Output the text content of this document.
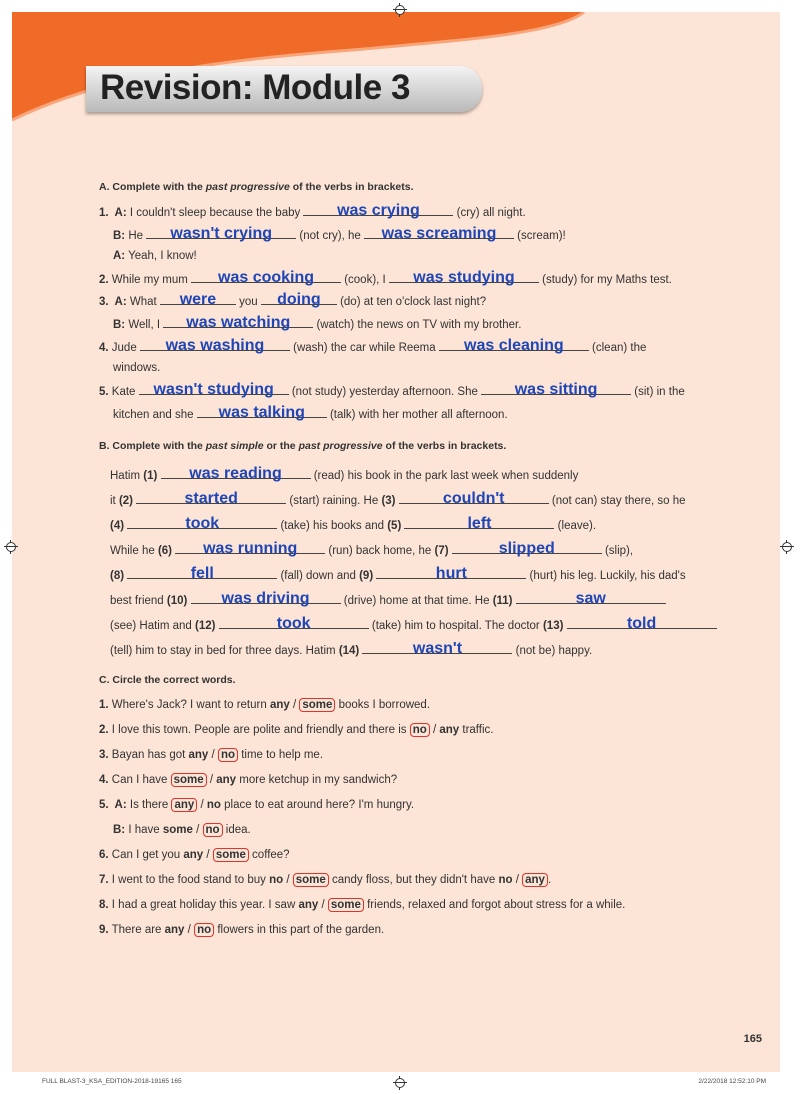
Revision: Module 3
A. Complete with the past progressive of the verbs in brackets.
1.  A: I couldn't sleep because the baby	was crying	(cry) all night.
B: He	wasn't crying	(not cry), he	was screaming	(scream)!
A: Yeah, I know!
2. While my mum	was cooking	(cook), I	was studying	(study) for my Maths test.
3.  A: What	were	you	doing	(do) at ten o'clock last night?
B: Well, I	was watching	(watch) the news on TV with my brother.
4. Jude	was washing	(wash) the car while Reema	was cleaning	(clean) the
windows.
5. Kate wasn't studying	(not study) yesterday afternoon. She	was sitting	(sit) in the
kitchen and she	was talking	(talk) with her mother all afternoon.
B. Complete with the past simple or the past progressive of the verbs in brackets.
Hatim (1)	was reading	(read) his book in the park last week when suddenly
it (2)	started	(start) raining. He (3)	couldn't	(not can) stay there, so he
(4)	took	(take) his books and (5)	left	(leave).
While he (6)	was running	(run) back home, he (7)	slipped	(slip),
(8)	fell	(fall) down and (9)	hurt	(hurt) his leg. Luckily, his dad's
best friend (10)	was driving	(drive) home at that time. He (11)	saw
(see) Hatim and (12)	took	(take) him to hospital. The doctor (13)	told
(tell) him to stay in bed for three days. Hatim (14)	wasn't	(not be) happy.
C. Circle the correct words.
1. Where's Jack? I want to return any / some books I borrowed.
2. I love this town. People are polite and friendly and there is no / any traffic.
3. Bayan has got any / no time to help me.
4. Can I have some / any more ketchup in my sandwich?
5.  A: Is there any / no place to eat around here? I'm hungry.
B: I have some / no idea.
6. Can I get you any / some coffee?
7. I went to the food stand to buy no / some candy floss, but they didn't have no / any .
8. I had a great holiday this year. I saw any / some friends, relaxed and forgot about stress for a while.
9. There are any / no flowers in this part of the garden.
165
FULL BLAST-3_KSA_EDITION-2018-19165 165	2/22/2018 12:52:10 PM
